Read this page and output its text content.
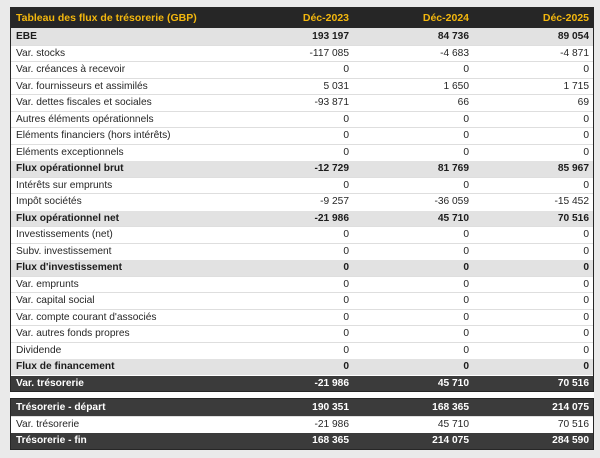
Tableau des flux de trésorerie (GBP)	Déc-2023	Déc-2024	Déc-2025
EBE	193 197	84 736	89 054
Var. stocks	-117 085	-4 683	-4 871
Var. créances à recevoir	0	0	0
Var. fournisseurs et assimilés	5 031	1 650	1 715
Var. dettes fiscales et sociales	-93 871	66	69
Autres éléments opérationnels	0	0	0
Eléments financiers (hors intérêts)	0	0	0
Eléments exceptionnels	0	0	0
Flux opérationnel brut	-12 729	81 769	85 967
Intérêts sur emprunts	0	0	0
Impôt sociétés	-9 257	-36 059	-15 452
Flux opérationnel net	-21 986	45 710	70 516
Investissements (net)	0	0	0
Subv. investissement	0	0	0
Flux d'investissement	0	0	0
Var. emprunts	0	0	0
Var. capital social	0	0	0
Var. compte courant d'associés	0	0	0
Var. autres fonds propres	0	0	0
Dividende	0	0	0
Flux de financement	0	0	0
Var. trésorerie	-21 986	45 710	70 516
Trésorerie - départ	190 351	168 365	214 075
Var. trésorerie	-21 986	45 710	70 516
Trésorerie - fin	168 365	214 075	284 590
